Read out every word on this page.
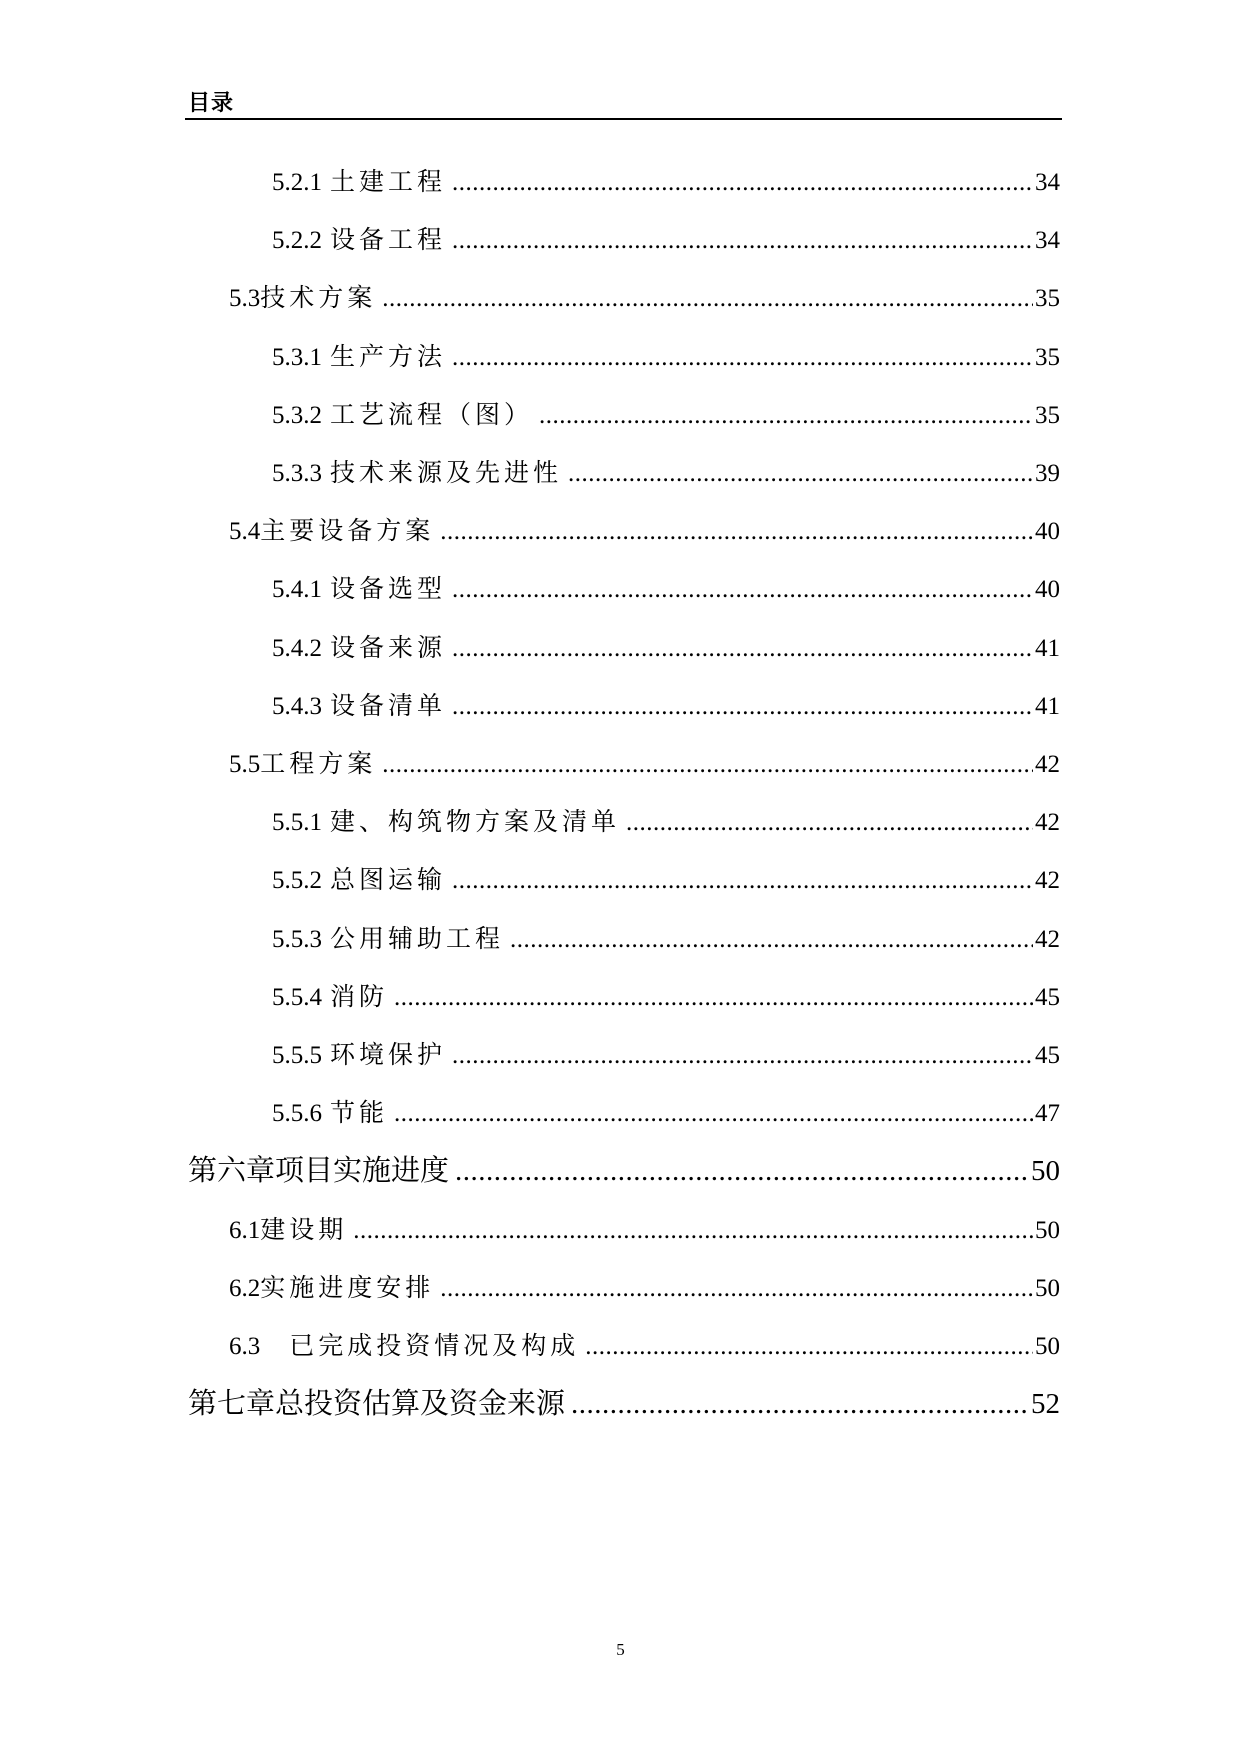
目录
5.2.1 土建工程 .....	34
5.2.2 设备工程 .....	34
5.3 技术方案 .....	35
5.3.1 生产方法 .....	35
5.3.2 工艺流程（图） .....	35
5.3.3 技术来源及先进性 .....	39
5.4 主要设备方案 .....	40
5.4.1 设备选型 .....	40
5.4.2 设备来源 .....	41
5.4.3 设备清单 .....	41
5.5 工程方案 .....	42
5.5.1 建、构筑物方案及清单 .....	42
5.5.2 总图运输 .....	42
5.5.3 公用辅助工程 .....	42
5.5.4 消防 .....	45
5.5.5 环境保护 .....	45
5.5.6 节能 .....	47
第六章 项目实施进度 .....	50
6.1 建设期 .....	50
6.2 实施进度安排 .....	50
6.3 　已完成投资情况及构成 .....	50
第七章 总投资估算及资金来源 .....	52
5
